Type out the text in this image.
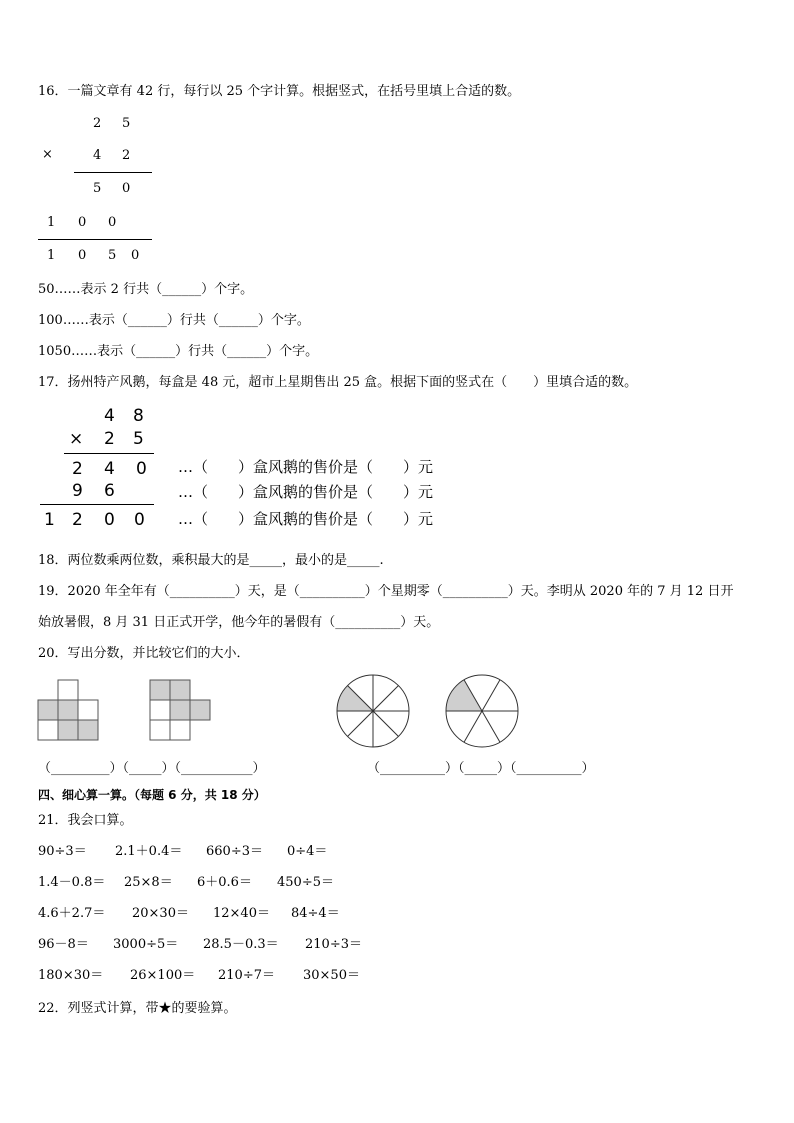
16．一篇文章有 42 行，每行以 25 个字计算。根据竖式，在括号里填上合适的数。
2 5
×	4 2
5 0
1 0 0
1 0 5 0
50……表示 2 行共（______）个字。
100……表示（______）行共（______）个字。
1050……表示（______）行共（______）个字。
17．扬州特产风鹅，每盒是 48 元，超市上星期售出 25 盒。根据下面的竖式在（　　）里填合适的数。
4 8
× 2 5
2 4 0
9 6
1 2 0 0
…（　　）盒风鹅的售价是（　　）元
…（　　）盒风鹅的售价是（　　）元
…（　　）盒风鹅的售价是（　　）元
18．两位数乘两位数，乘积最大的是_____，最小的是_____.
19．2020 年全年有（__________）天，是（__________）个星期零（__________）天。李明从 2020 年的 7 月 12 日开
始放暑假，8 月 31 日正式开学，他今年的暑假有（__________）天。
20．写出分数，并比较它们的大小．
（_________）（_____）（___________）	（__________）（_____）（__________）
四、细心算一算。（每题 6 分，共 18 分）
21．我会口算。
90÷3＝ 2.1＋0.4＝ 660÷3＝ 0÷4＝
1.4－0.8＝ 25×8＝ 6＋0.6＝ 450÷5＝
4.6＋2.7＝ 20×30＝ 12×40＝ 84÷4＝
96－8＝ 3000÷5＝ 28.5－0.3＝ 210÷3＝
180×30＝ 26×100＝ 210÷7＝ 30×50＝
22．列竖式计算，带★的要验算。
